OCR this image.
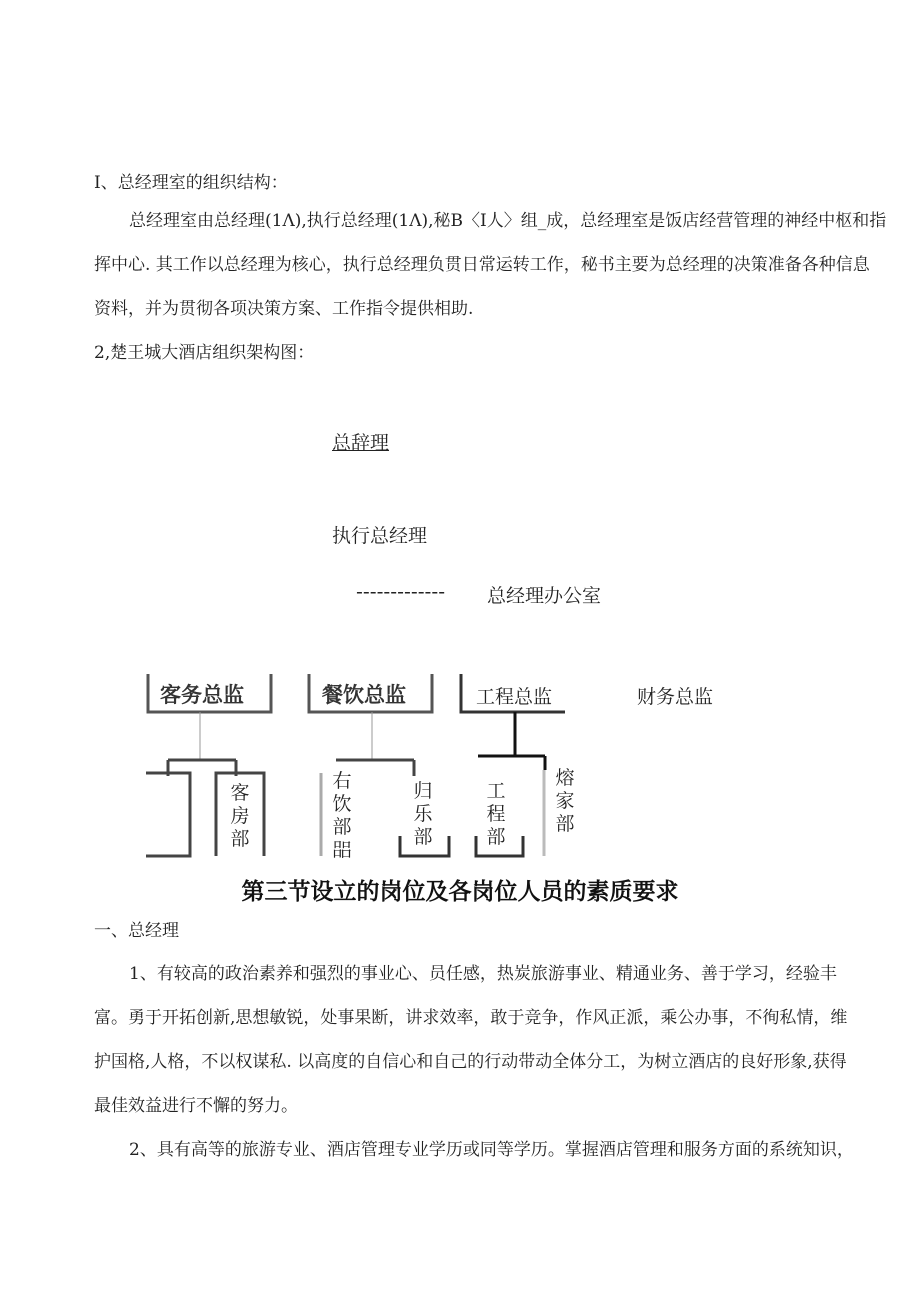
I、总经理室的组织结构：
总经理室由总经理(1Λ),执行总经理(1Λ),秘B〈I人〉组_成，总经理室是饭店经营管理的神经中枢和指
挥中心. 其工作以总经理为核心，执行总经理负贯日常运转工作，秘书主要为总经理的决策准备各种信息
资料，并为贯彻各项决策方案、工作指令提供相助.
2,楚王城大酒店组织架构图：
总辞理
执行总经理
------------- 总经理办公室
客务总监	餐饮总监	工程总监	财务总监
客房部
右饮部㗊
归乐部
工程部
熔家部
第三节设立的岗位及各岗位人员的素质要求
一、总经理
1、有较高的政治素养和强烈的事业心、员任感，热炭旅游事业、精通业务、善于学习，经验丰
富。勇于开拓创新,思想敏锐，处事果断，讲求效率，敢于竞争，作风正派，乘公办事，不徇私情，维
护国格,人格，不以权谋私. 以高度的自信心和自己的行动带动全体分工，为树立酒店的良好形象,获得
最佳效益进行不懈的努力。
2、具有高等的旅游专业、酒店管理专业学历或同等学历。掌握酒店管理和服务方面的系统知识，
